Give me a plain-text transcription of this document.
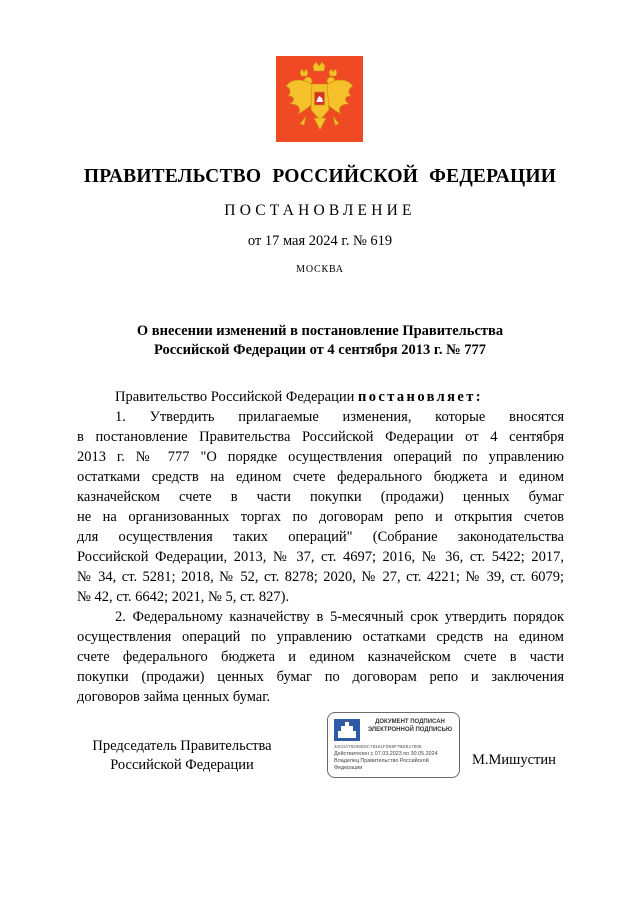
ПРАВИТЕЛЬСТВО РОССИЙСКОЙ ФЕДЕРАЦИИ
ПОСТАНОВЛЕНИЕ
от 17 мая 2024 г. № 619
МОСКВА
О внесении изменений в постановление Правительства
Российской Федерации от 4 сентября 2013 г. № 777

Правительство Российской Федерации постановляет:

1. Утвердить прилагаемые изменения, которые вносятся
в постановление Правительства Российской Федерации от 4 сентября
2013 г. № 777 "О порядке осуществления операций по управлению
остатками средств на едином счете федерального бюджета и едином
казначейском счете в части покупки (продажи) ценных бумаг
не на организованных торгах по договорам репо и открытия счетов
для осуществления таких операций" (Собрание законодательства
Российской Федерации, 2013, № 37, ст. 4697; 2016, № 36, ст. 5422; 2017,
№ 34, ст. 5281; 2018, № 52, ст. 8278; 2020, № 27, ст. 4221; № 39, ст. 6079;
№ 42, ст. 6642; 2021, № 5, ст. 827).

2. Федеральному казначейству в 5-месячный срок утвердить порядок
осуществления операций по управлению остатками средств на едином
счете федерального бюджета и едином казначейском счете в части
покупки (продажи) ценных бумаг по договорам репо и заключения
договоров займа ценных бумаг.

Председатель Правительства
Российской Федерации
ДОКУМЕНТ ПОДПИСАН
ЭЛЕКТРОННОЙ ПОДПИСЬЮ
34C0A79209D0C78161FD69F7BEB1780E
Действителен с 07.03.2023 по 30.05.2024
Владелец Правительство Российской Федерации	М.Мишустин
